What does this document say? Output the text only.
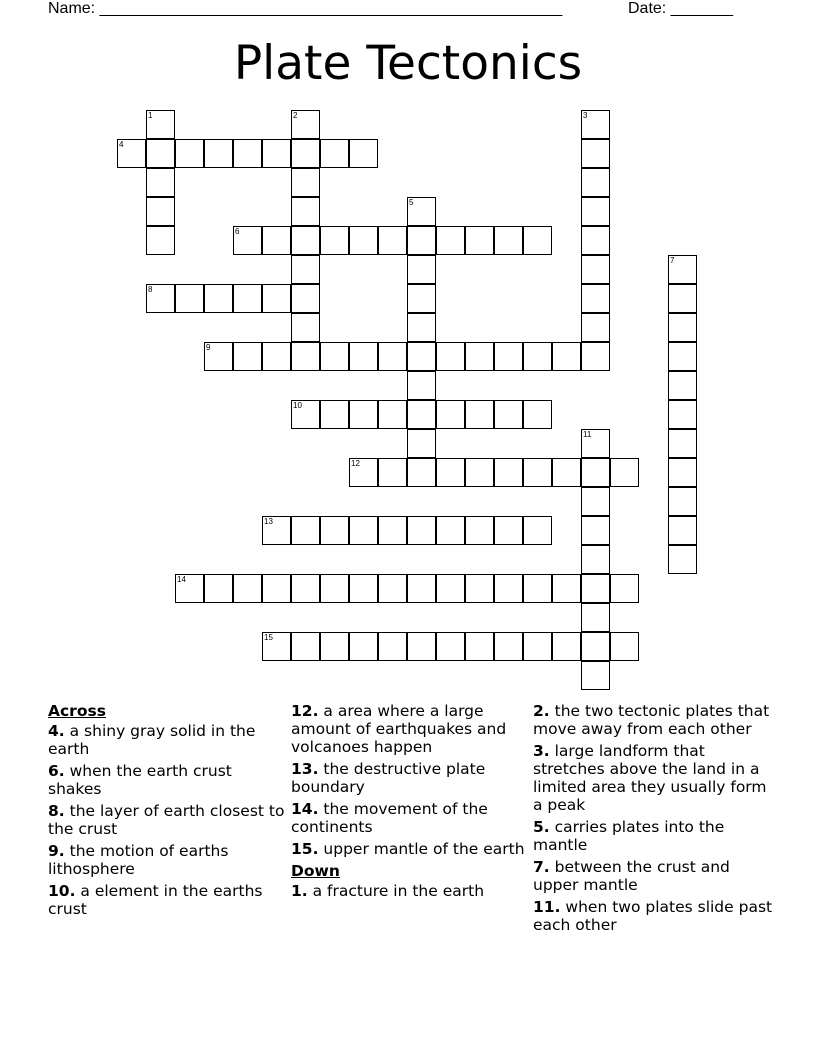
Name: ____________________________________________________	Date: _______
Plate Tectonics
1	2	3
4
5
6
7
8
9
10
11
12
13
14
15
Across
4. a shiny gray solid in the earth
6. when the earth crust shakes
8. the layer of earth closest to the crust
9. the motion of earths lithosphere
10. a element in the earths crust
12. a area where a large amount of earthquakes and volcanoes happen
13. the destructive plate boundary
14. the movement of the continents
15. upper mantle of the earth
Down
1. a fracture in the earth
2. the two tectonic plates that move away from each other
3. large landform that stretches above the land in a limited area they usually form a peak
5. carries plates into the mantle
7. between the crust and upper mantle
11. when two plates slide past each other
